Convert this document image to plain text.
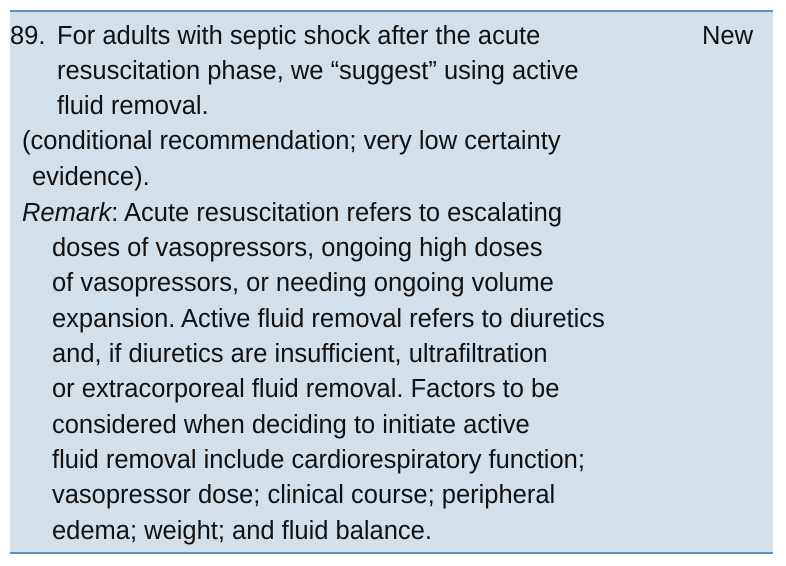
89. For adults with septic shock after the acute	New
resuscitation phase, we “suggest” using active
fluid removal.
(conditional recommendation; very low certainty
evidence).
Remark: Acute resuscitation refers to escalating
doses of vasopressors, ongoing high doses
of vasopressors, or needing ongoing volume
expansion. Active fluid removal refers to diuretics
and, if diuretics are insufficient, ultrafiltration
or extracorporeal fluid removal. Factors to be
considered when deciding to initiate active
fluid removal include cardiorespiratory function;
vasopressor dose; clinical course; peripheral
edema; weight; and fluid balance.
